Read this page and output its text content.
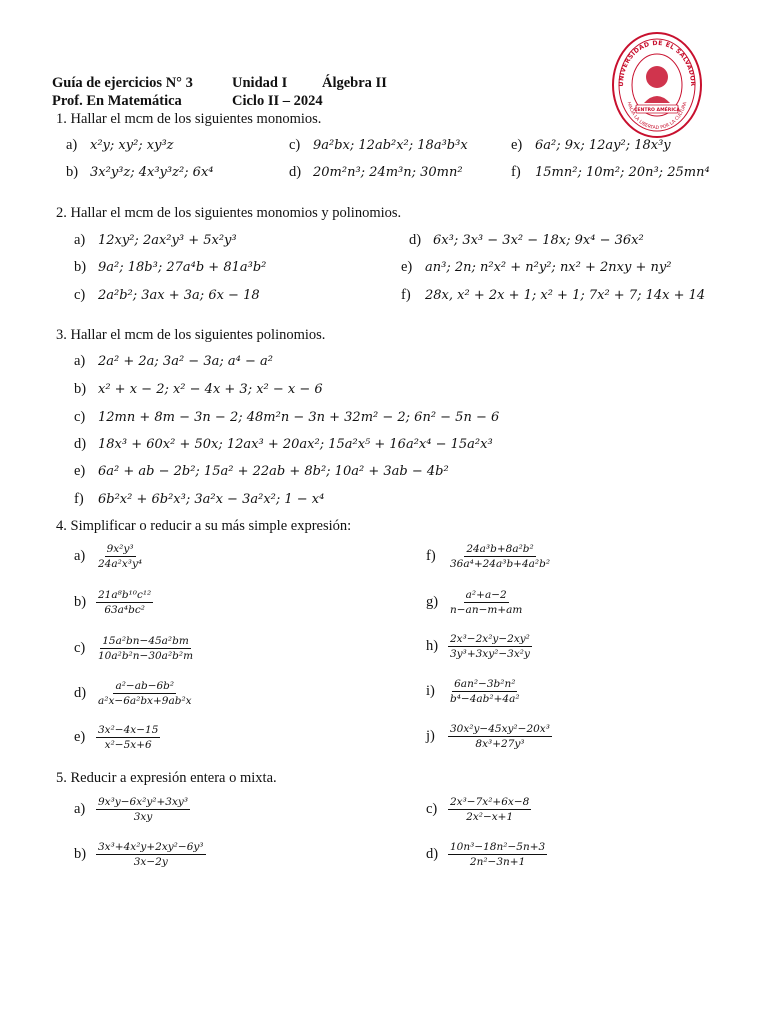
Guía de ejercicios N° 3	Unidad I Álgebra II
Prof. En Matemática	Ciclo II – 2024
UNIVERSIDAD DE EL SALVADOR
HACIA LA LIBERTAD POR LA CULTURA
CENTRO AMÉRICA
1. Hallar el mcm de los siguientes monomios.
a) x²y; xy²; xy³z	c) 9a²bx; 12ab²x²; 18a³b³x	e) 6a²; 9x; 12ay²; 18x³y
b) 3x²y³z; 4x³y³z²; 6x⁴	d) 20m²n³; 24m³n; 30mn²	f) 15mn²; 10m²; 20n³; 25mn⁴
2. Hallar el mcm de los siguientes monomios y polinomios.
a) 12xy²; 2ax²y³ + 5x²y³	d) 6x³; 3x³ − 3x² − 18x; 9x⁴ − 36x²
b) 9a²; 18b³; 27a⁴b + 81a³b²	e) an³; 2n; n²x² + n²y²; nx² + 2nxy + ny²
c) 2a²b²; 3ax + 3a; 6x − 18	f) 28x, x² + 2x + 1; x² + 1; 7x² + 7; 14x + 14
3. Hallar el mcm de los siguientes polinomios.
a) 2a² + 2a; 3a² − 3a; a⁴ − a²
b) x² + x − 2; x² − 4x + 3; x² − x − 6
c) 12mn + 8m − 3n − 2; 48m²n − 3n + 32m² − 2; 6n² − 5n − 6
d) 18x³ + 60x² + 50x; 12ax³ + 20ax²; 15a²x⁵ + 16a²x⁴ − 15a²x³
e) 6a² + ab − 2b²; 15a² + 22ab + 8b²; 10a² + 3ab − 4b²
f) 6b²x² + 6b²x³; 3a²x − 3a²x²; 1 − x⁴
4. Simplificar o reducir a su más simple expresión:
a)	$\frac{\text{9x²y³}}{\text{24a²x³y⁴}}$	f)	$\frac{\text{24a³b+8a²b²}}{\text{36a⁴+24a³b+4a²b²}}$
$b) \frac{\text{21a⁸b¹⁰c¹²}}{\text{63a⁴bc²}}$	$g) \frac{\text{a²+a−2}}{n-an-m+am}$
c)	$\frac{\text{15a²bn−45a²bm}}{\text{10a²b²n−30a²b²m}}$	$h) \frac{\text{2x³−2x²y−2xy²}}{\text{3y³+3xy²−3x²y}}$
$d) \frac{\text{a²−ab−6b²}}{\text{a²x−6a²bx+9ab²x}}$	i)	$\frac{\text{6an²−3b²n²}}{\text{b⁴−4ab²+4a²}}$
e)	$\frac{\text{3x²−4x−15}}{\text{x²−5x+6}}$	j)	$\frac{\text{30x²y−45xy²−20x³}}{\text{8x³+27y³}}$
5. Reducir a expresión entera o mixta.
a)	$\frac{\text{9x³y−6x²y²+3xy³}}{3xy}$	c)	$\frac{\text{2x³−7x²+6x−8}}{\text{2x²−x+1}}$
$b) \frac{\text{3x³+4x²y+2xy²−6y³}}{3x-2y}$	$d) \frac{\text{10n³−18n²−5n+3}}{\text{2n²−3n+1}}$
